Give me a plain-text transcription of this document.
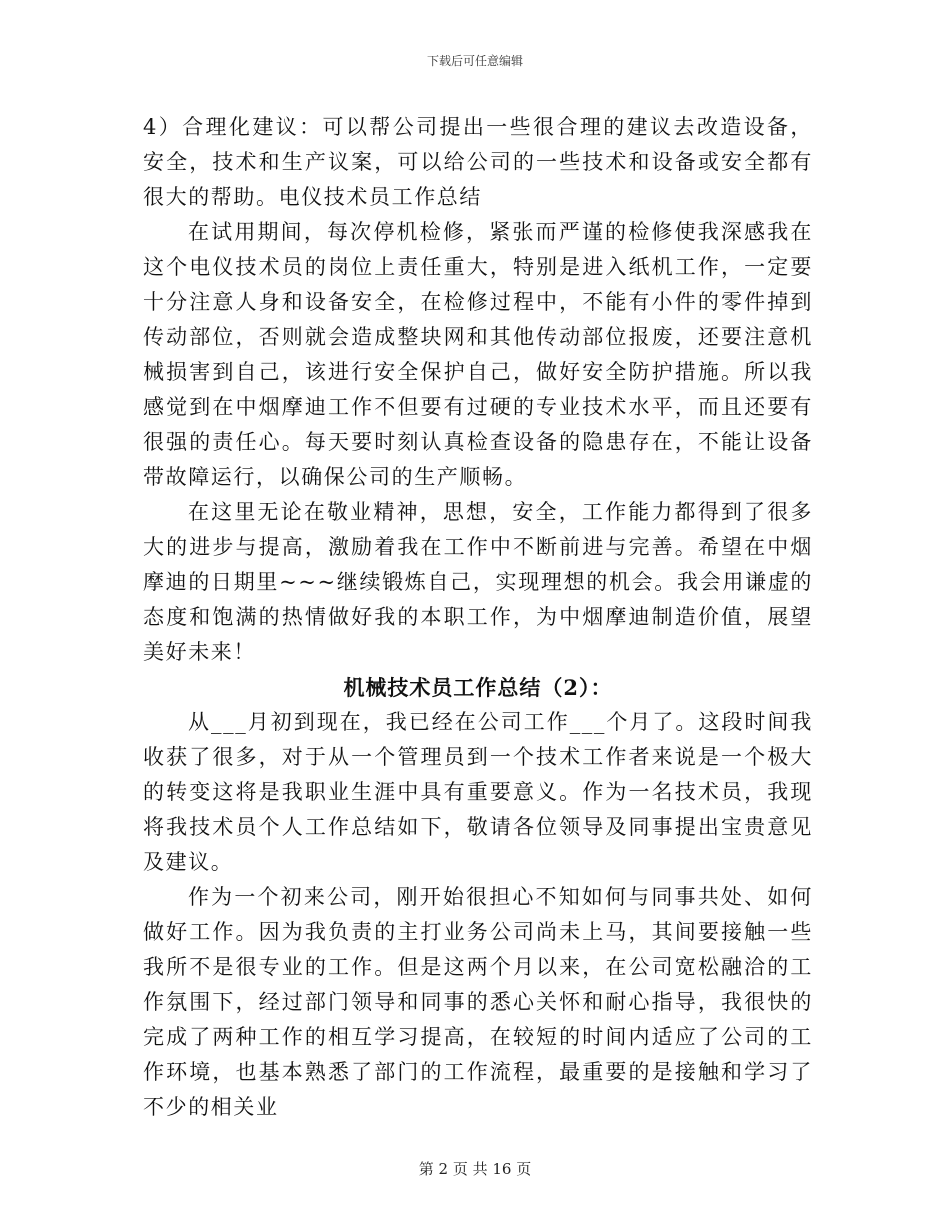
下载后可任意编辑

4）合理化建议：可以帮公司提出一些很合理的建议去改造设备，安全，技术和生产议案，可以给公司的一些技术和设备或安全都有很大的帮助。电仪技术员工作总结

在试用期间，每次停机检修，紧张而严谨的检修使我深感我在这个电仪技术员的岗位上责任重大，特别是进入纸机工作，一定要十分注意人身和设备安全，在检修过程中，不能有小件的零件掉到传动部位，否则就会造成整块网和其他传动部位报废，还要注意机械损害到自己，该进行安全保护自己，做好安全防护措施。所以我感觉到在中烟摩迪工作不但要有过硬的专业技术水平，而且还要有很强的责任心。每天要时刻认真检查设备的隐患存在，不能让设备带故障运行，以确保公司的生产顺畅。

在这里无论在敬业精神，思想，安全，工作能力都得到了很多大的进步与提高，激励着我在工作中不断前进与完善。希望在中烟摩迪的日期里~~~继续锻炼自己，实现理想的机会。我会用谦虚的态度和饱满的热情做好我的本职工作，为中烟摩迪制造价值，展望美好未来！

机械技术员工作总结（2）：

从___月初到现在，我已经在公司工作___个月了。这段时间我收获了很多，对于从一个管理员到一个技术工作者来说是一个极大的转变这将是我职业生涯中具有重要意义。作为一名技术员，我现将我技术员个人工作总结如下，敬请各位领导及同事提出宝贵意见及建议。

作为一个初来公司，刚开始很担心不知如何与同事共处、如何做好工作。因为我负责的主打业务公司尚未上马，其间要接触一些我所不是很专业的工作。但是这两个月以来，在公司宽松融洽的工作氛围下，经过部门领导和同事的悉心关怀和耐心指导，我很快的完成了两种工作的相互学习提高，在较短的时间内适应了公司的工作环境，也基本熟悉了部门的工作流程，最重要的是接触和学习了不少的相关业

第 2 页 共 16 页
